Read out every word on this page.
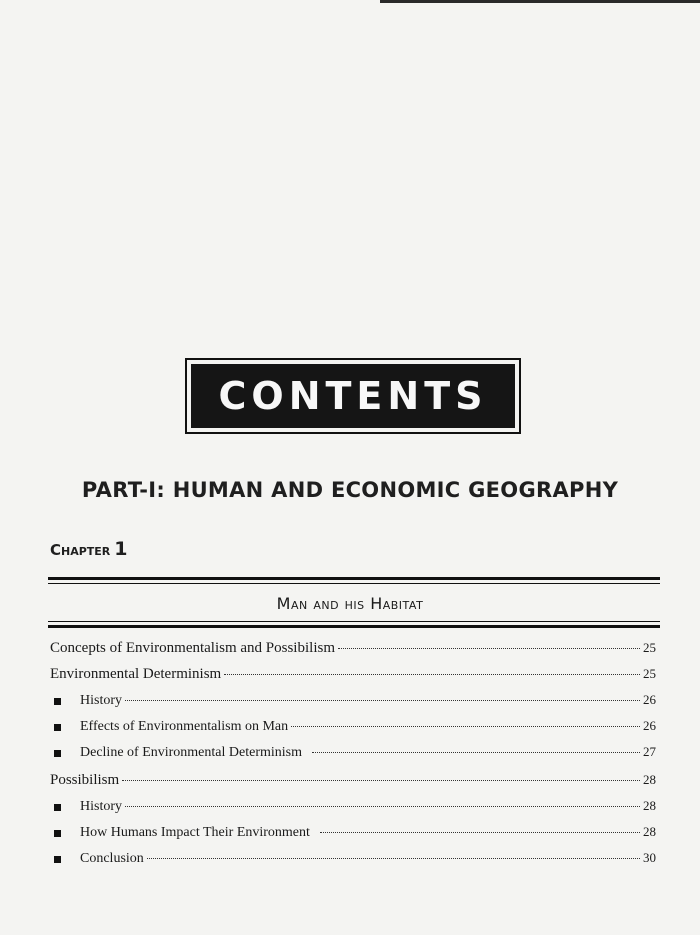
CONTENTS
PART-I: HUMAN AND ECONOMIC GEOGRAPHY
Chapter 1
Man and his Habitat
Concepts of Environmentalism and Possibilism	25
Environmental Determinism	25
History	26
Effects of Environmentalism on Man	26
Decline of Environmental Determinism	27
Possibilism	28
History	28
How Humans Impact Their Environment	28
Conclusion	30
